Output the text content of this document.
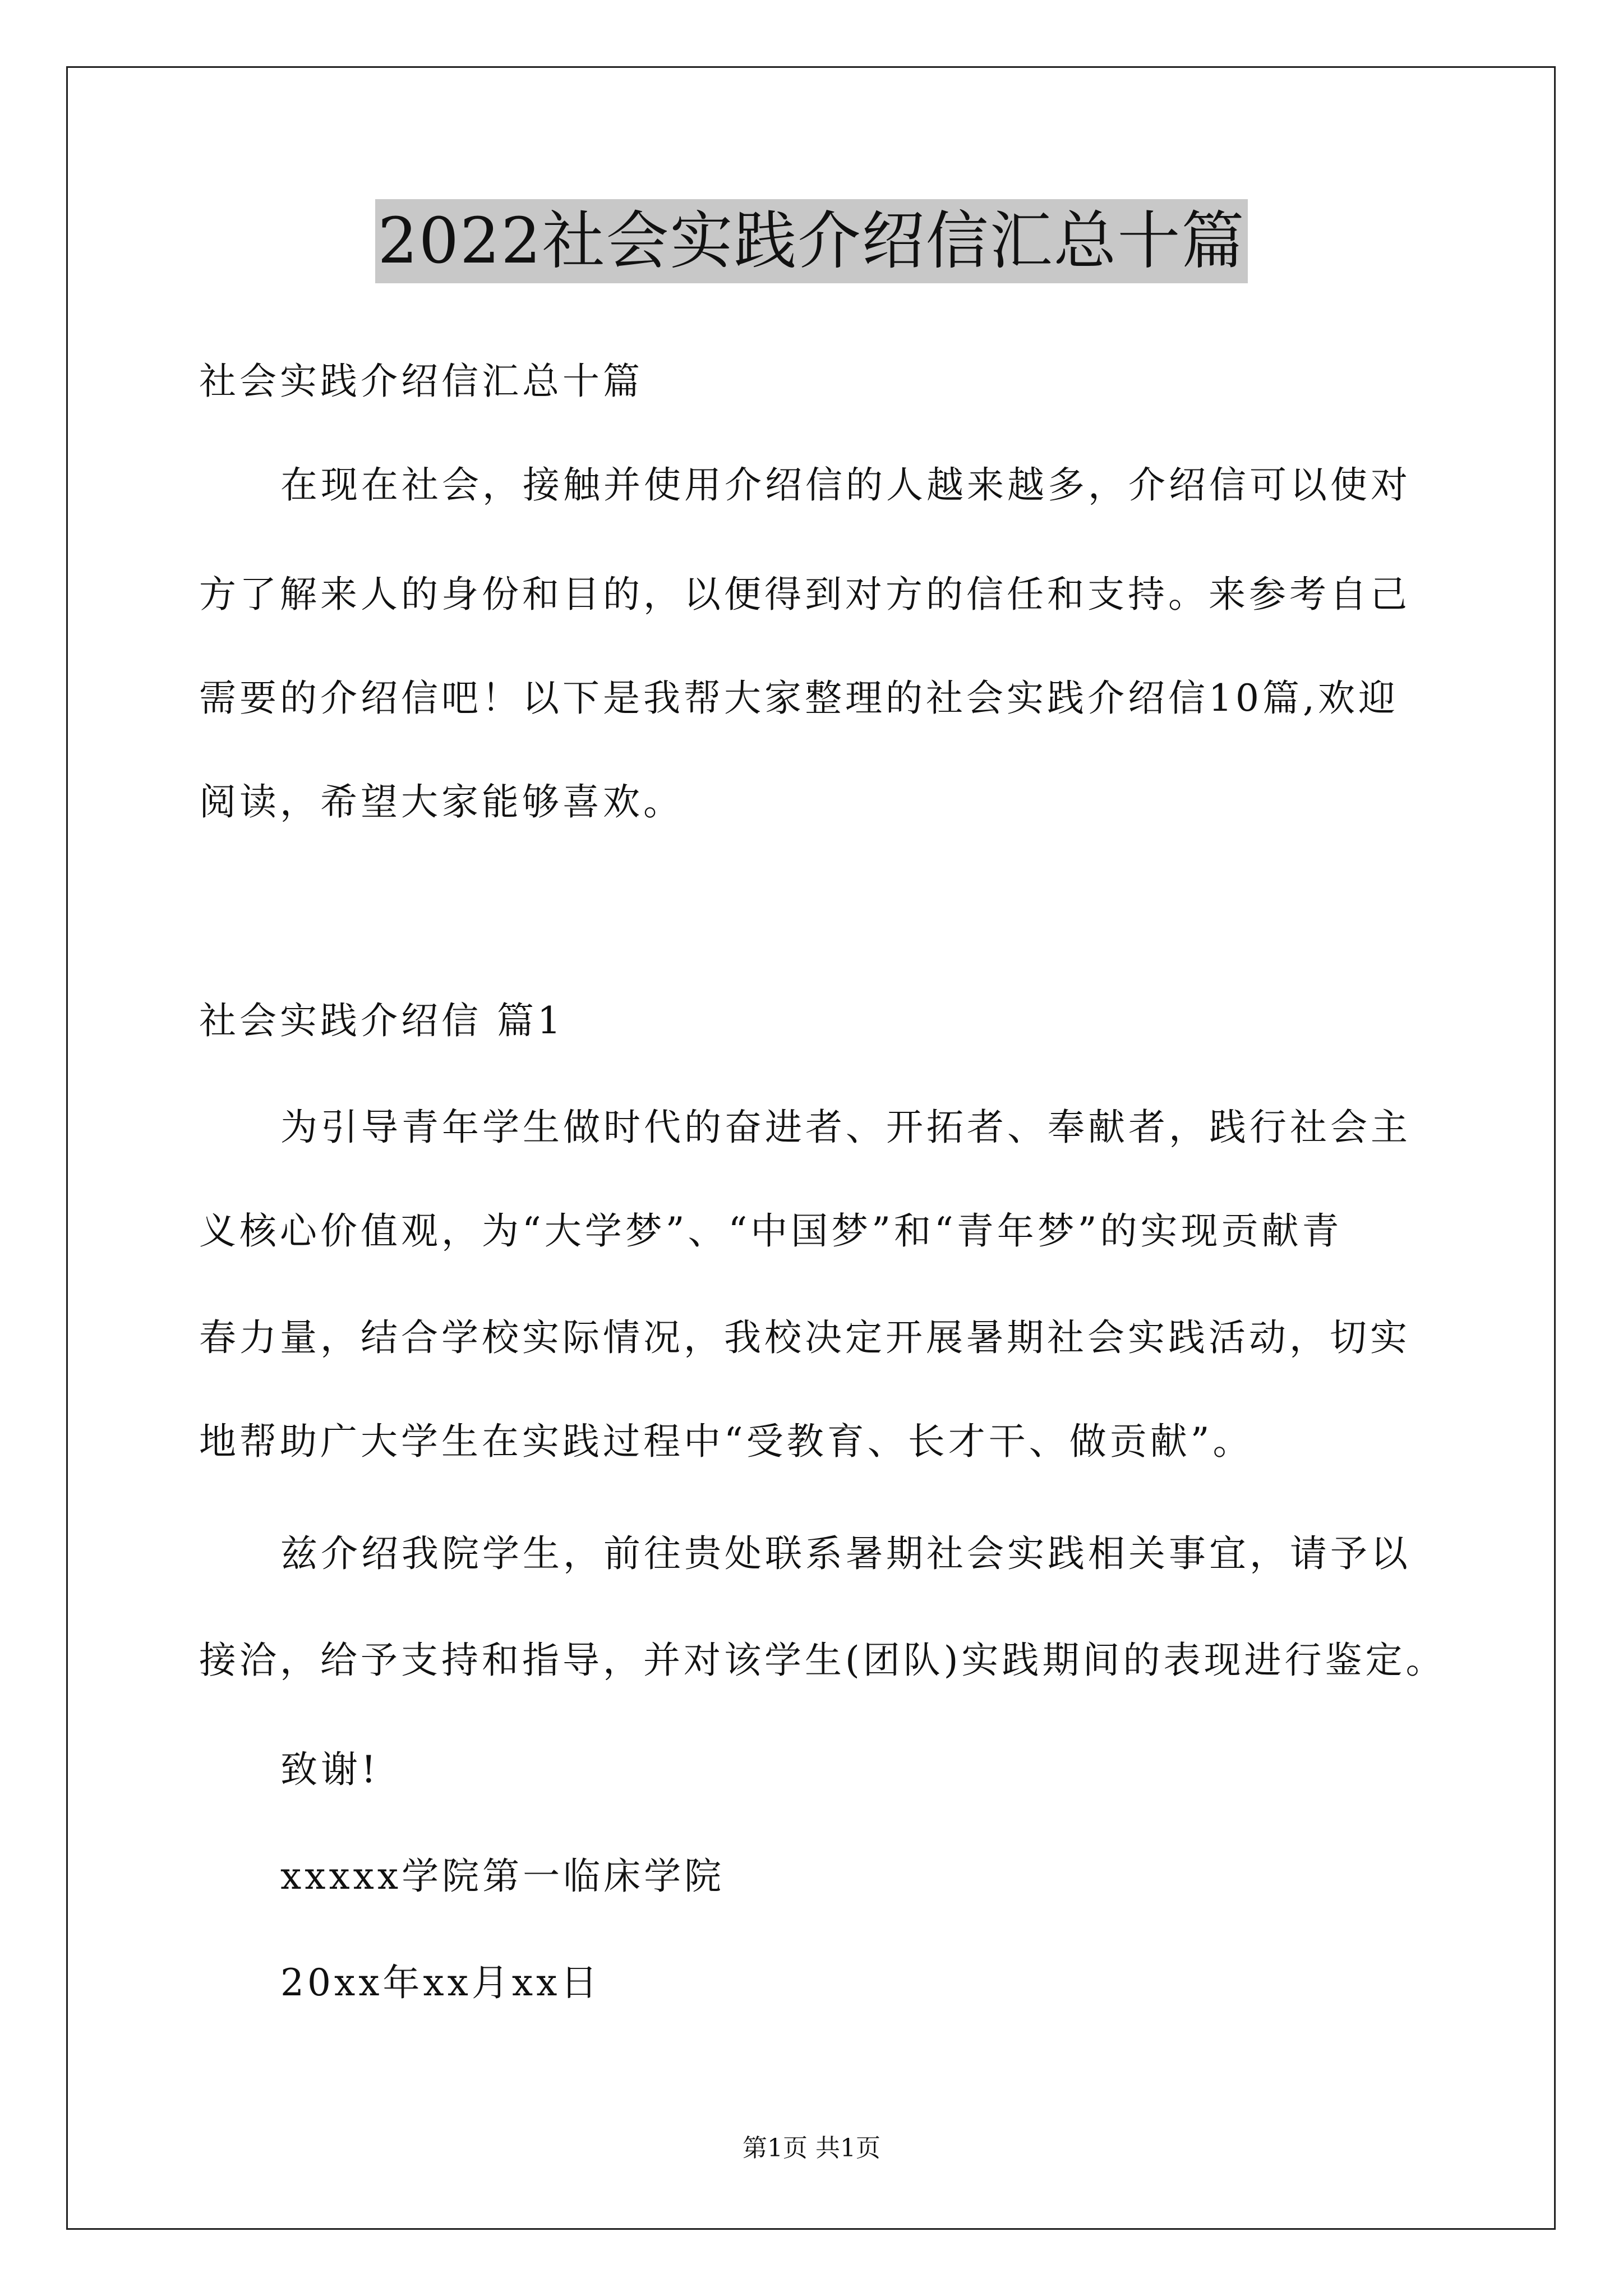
2022社会实践介绍信汇总十篇
社会实践介绍信汇总十篇
在现在社会，接触并使用介绍信的人越来越多，介绍信可以使对
方了解来人的身份和目的，以便得到对方的信任和支持。来参考自己
需要的介绍信吧！以下是我帮大家整理的社会实践介绍信10篇,欢迎
阅读，希望大家能够喜欢。
社会实践介绍信 篇1
为引导青年学生做时代的奋进者、开拓者、奉献者，践行社会主
义核心价值观，为“大学梦”、“中国梦”和“青年梦”的实现贡献青
春力量，结合学校实际情况，我校决定开展暑期社会实践活动，切实
地帮助广大学生在实践过程中“受教育、长才干、做贡献”。
兹介绍我院学生，前往贵处联系暑期社会实践相关事宜，请予以
接洽，给予支持和指导，并对该学生(团队)实践期间的表现进行鉴定。
致谢!
xxxxx学院第一临床学院
20xx年xx月xx日
第1页 共1页
